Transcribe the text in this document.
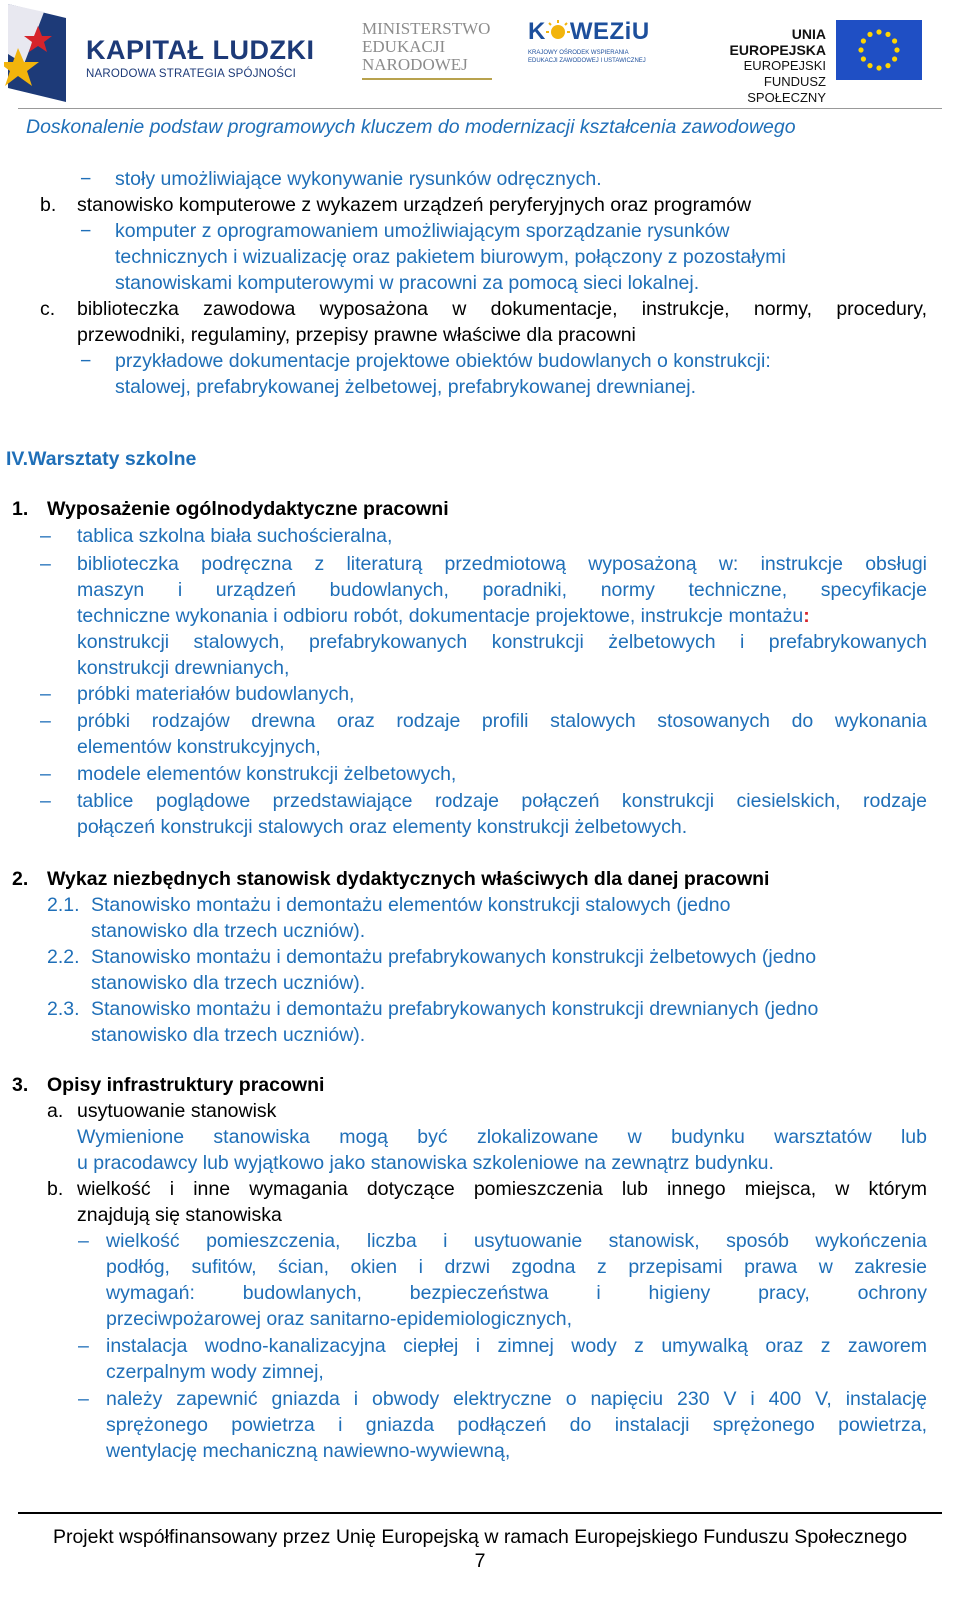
KAPITAŁ LUDZKI
NARODOWA STRATEGIA SPÓJNOŚCI
MINISTERSTWO
EDUKACJI
NARODOWEJ
K WEZiU
KRAJOWY OŚRODEK WSPIERANIA
EDUKACJI ZAWODOWEJ I USTAWICZNEJ
UNIA EUROPEJSKA
EUROPEJSKI
FUNDUSZ SPOŁECZNY
Doskonalenie podstaw programowych kluczem do modernizacji kształcenia zawodowego
− stoły umożliwiające wykonywanie rysunków odręcznych.
b. stanowisko komputerowe z wykazem urządzeń peryferyjnych oraz programów
− komputer z oprogramowaniem umożliwiającym sporządzanie rysunków
technicznych i wizualizację oraz pakietem biurowym, połączony z pozostałymi
stanowiskami komputerowymi w pracowni za pomocą sieci lokalnej.
c. biblioteczka zawodowa wyposażona w dokumentacje, instrukcje, normy, procedury,
przewodniki, regulaminy, przepisy prawne właściwe dla pracowni
− przykładowe dokumentacje projektowe obiektów budowlanych o konstrukcji:
stalowej, prefabrykowanej żelbetowej, prefabrykowanej drewnianej.
IV.Warsztaty szkolne
1. Wyposażenie ogólnodydaktyczne pracowni
– tablica szkolna biała suchościeralna,
– biblioteczka podręczna z literaturą przedmiotową wyposażoną w: instrukcje obsługi
maszyn i urządzeń budowlanych, poradniki, normy techniczne, specyfikacje
techniczne wykonania i odbioru robót, dokumentacje projektowe, instrukcje montażu:
konstrukcji stalowych, prefabrykowanych konstrukcji żelbetowych i prefabrykowanych
konstrukcji drewnianych,
– próbki materiałów budowlanych,
– próbki rodzajów drewna oraz rodzaje profili stalowych stosowanych do wykonania
elementów konstrukcyjnych,
– modele elementów konstrukcji żelbetowych,
– tablice poglądowe przedstawiające rodzaje połączeń konstrukcji ciesielskich, rodzaje
połączeń konstrukcji stalowych oraz elementy konstrukcji żelbetowych.
2. Wykaz niezbędnych stanowisk dydaktycznych właściwych dla danej pracowni
2.1. Stanowisko montażu i demontażu elementów konstrukcji stalowych (jedno
stanowisko dla trzech uczniów).
2.2. Stanowisko montażu i demontażu prefabrykowanych konstrukcji żelbetowych (jedno
stanowisko dla trzech uczniów).
2.3. Stanowisko montażu i demontażu prefabrykowanych konstrukcji drewnianych (jedno
stanowisko dla trzech uczniów).
3. Opisy infrastruktury pracowni
a. usytuowanie stanowisk
Wymienione stanowiska mogą być zlokalizowane w budynku warsztatów lub
u pracodawcy lub wyjątkowo jako stanowiska szkoleniowe na zewnątrz budynku.
b. wielkość i inne wymagania dotyczące pomieszczenia lub innego miejsca, w którym
znajdują się stanowiska
– wielkość pomieszczenia, liczba i usytuowanie stanowisk, sposób wykończenia
podłóg, sufitów, ścian, okien i drzwi zgodna z przepisami prawa w zakresie
wymagań: budowlanych, bezpieczeństwa i higieny pracy, ochrony
przeciwpożarowej oraz sanitarno-epidemiologicznych,
– instalacja wodno-kanalizacyjna ciepłej i zimnej wody z umywalką oraz z zaworem
czerpalnym wody zimnej,
– należy zapewnić gniazda i obwody elektryczne o napięciu 230 V i 400 V, instalację
sprężonego powietrza i gniazda podłączeń do instalacji sprężonego powietrza,
wentylację mechaniczną nawiewno-wywiewną,
Projekt współfinansowany przez Unię Europejską w ramach Europejskiego Funduszu Społecznego
7
